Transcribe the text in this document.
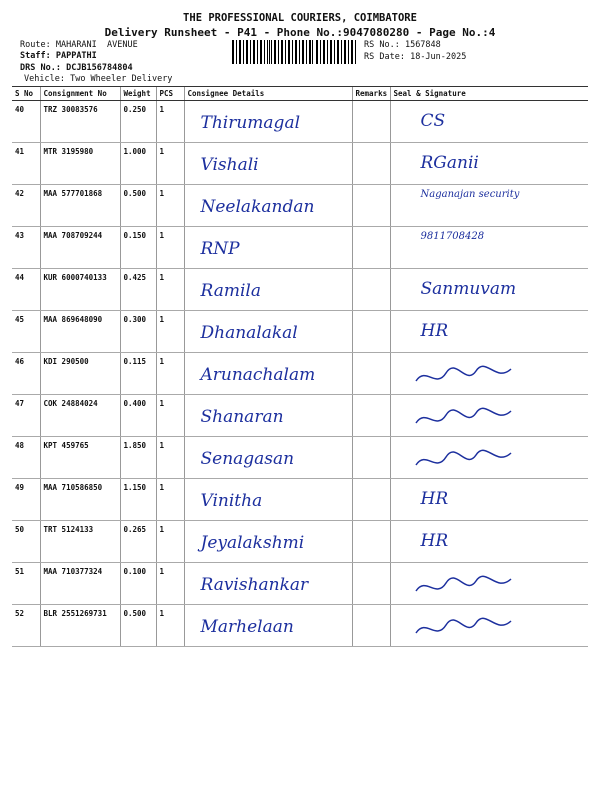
THE PROFESSIONAL COURIERS, COIMBATORE
Delivery Runsheet - P41 - Phone No.:9047080280 - Page No.:4
Route: MAHARANI  AVENUE
Staff: PAPPATHI
DRS No.: DCJB156784804
Vehicle: Two Wheeler Delivery
RS No.: 1567848
RS Date: 18-Jun-2025
S No	Consignment No	Weight	PCS	Consignee Details	Remarks	Seal & Signature
40	TRZ 30083576	0.250	1	Thirumagal		CS

41	MTR 3195980	1.000	1	Vishali		RGanii

42	MAA 577701868	0.500	1	Neelakandan		Naganajan security

43	MAA 708709244	0.150	1	RNP		9811708428

44	KUR 6000740133	0.425	1	Ramila		Sanmuvam

45	MAA 869648090	0.300	1	Dhanalakal		HR

46	KDI 290500	0.115	1	Arunachalam

47	COK 24884024	0.400	1	Shanaran

48	KPT 459765	1.850	1	Senagasan

49	MAA 710586850	1.150	1	Vinitha		HR

50	TRT 5124133	0.265	1	Jeyalakshmi		HR

51	MAA 710377324	0.100	1	Ravishankar

52	BLR 2551269731	0.500	1	Marhelaan
